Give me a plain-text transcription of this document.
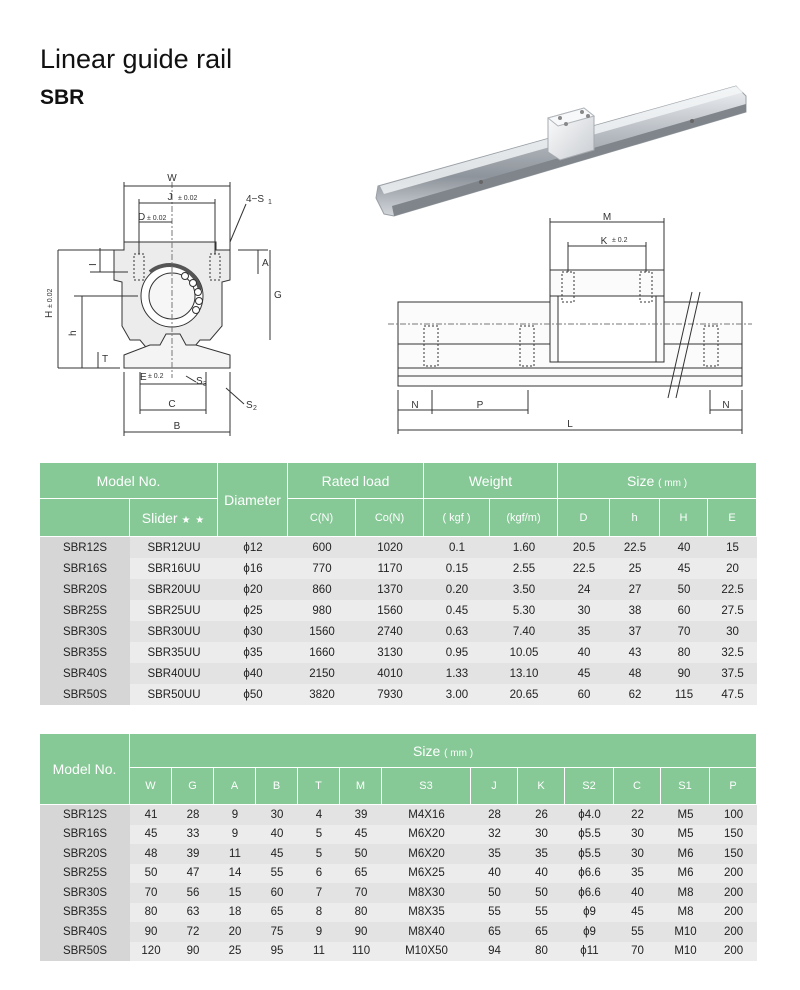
Linear guide rail
SBR
W
J ± 0.02
D ± 0.02
4−S 1
A
G
H
± 0.02
h
I
T
E ± 0.2	S 3
C	S 2
B
M
K ± 0.2
N	P	N
L
Model No.		Diameter	Rated load		Weight		Size ( mm )			
	Slider ★ ★		C(N)	Co(N)	( kgf )	(kgf/m)	D	h	H	E
SBR12S	SBR12UU	ϕ12	600	1020	0.1	1.60	20.5	22.5	40	15
SBR16S	SBR16UU	ϕ16	770	1170	0.15	2.55	22.5	25	45	20
SBR20S	SBR20UU	ϕ20	860	1370	0.20	3.50	24	27	50	22.5
SBR25S	SBR25UU	ϕ25	980	1560	0.45	5.30	30	38	60	27.5
SBR30S	SBR30UU	ϕ30	1560	2740	0.63	7.40	35	37	70	30
SBR35S	SBR35UU	ϕ35	1660	3130	0.95	10.05	40	43	80	32.5
SBR40S	SBR40UU	ϕ40	2150	4010	1.33	13.10	45	48	90	37.5
SBR50S	SBR50UU	ϕ50	3820	7930	3.00	20.65	60	62	115	47.5
Model No.	Size ( mm )												
	W	G	A	B	T	M	S3	J	K	S2	C	S1	P
SBR12S	41	28	9	30	4	39	M4X16	28	26	ϕ4.0	22	M5	100
SBR16S	45	33	9	40	5	45	M6X20	32	30	ϕ5.5	30	M5	150
SBR20S	48	39	11	45	5	50	M6X20	35	35	ϕ5.5	30	M6	150
SBR25S	50	47	14	55	6	65	M6X25	40	40	ϕ6.6	35	M6	200
SBR30S	70	56	15	60	7	70	M8X30	50	50	ϕ6.6	40	M8	200
SBR35S	80	63	18	65	8	80	M8X35	55	55	ϕ9	45	M8	200
SBR40S	90	72	20	75	9	90	M8X40	65	65	ϕ9	55	M10	200
SBR50S	120	90	25	95	11	110	M10X50	94	80	ϕ11	70	M10	200
